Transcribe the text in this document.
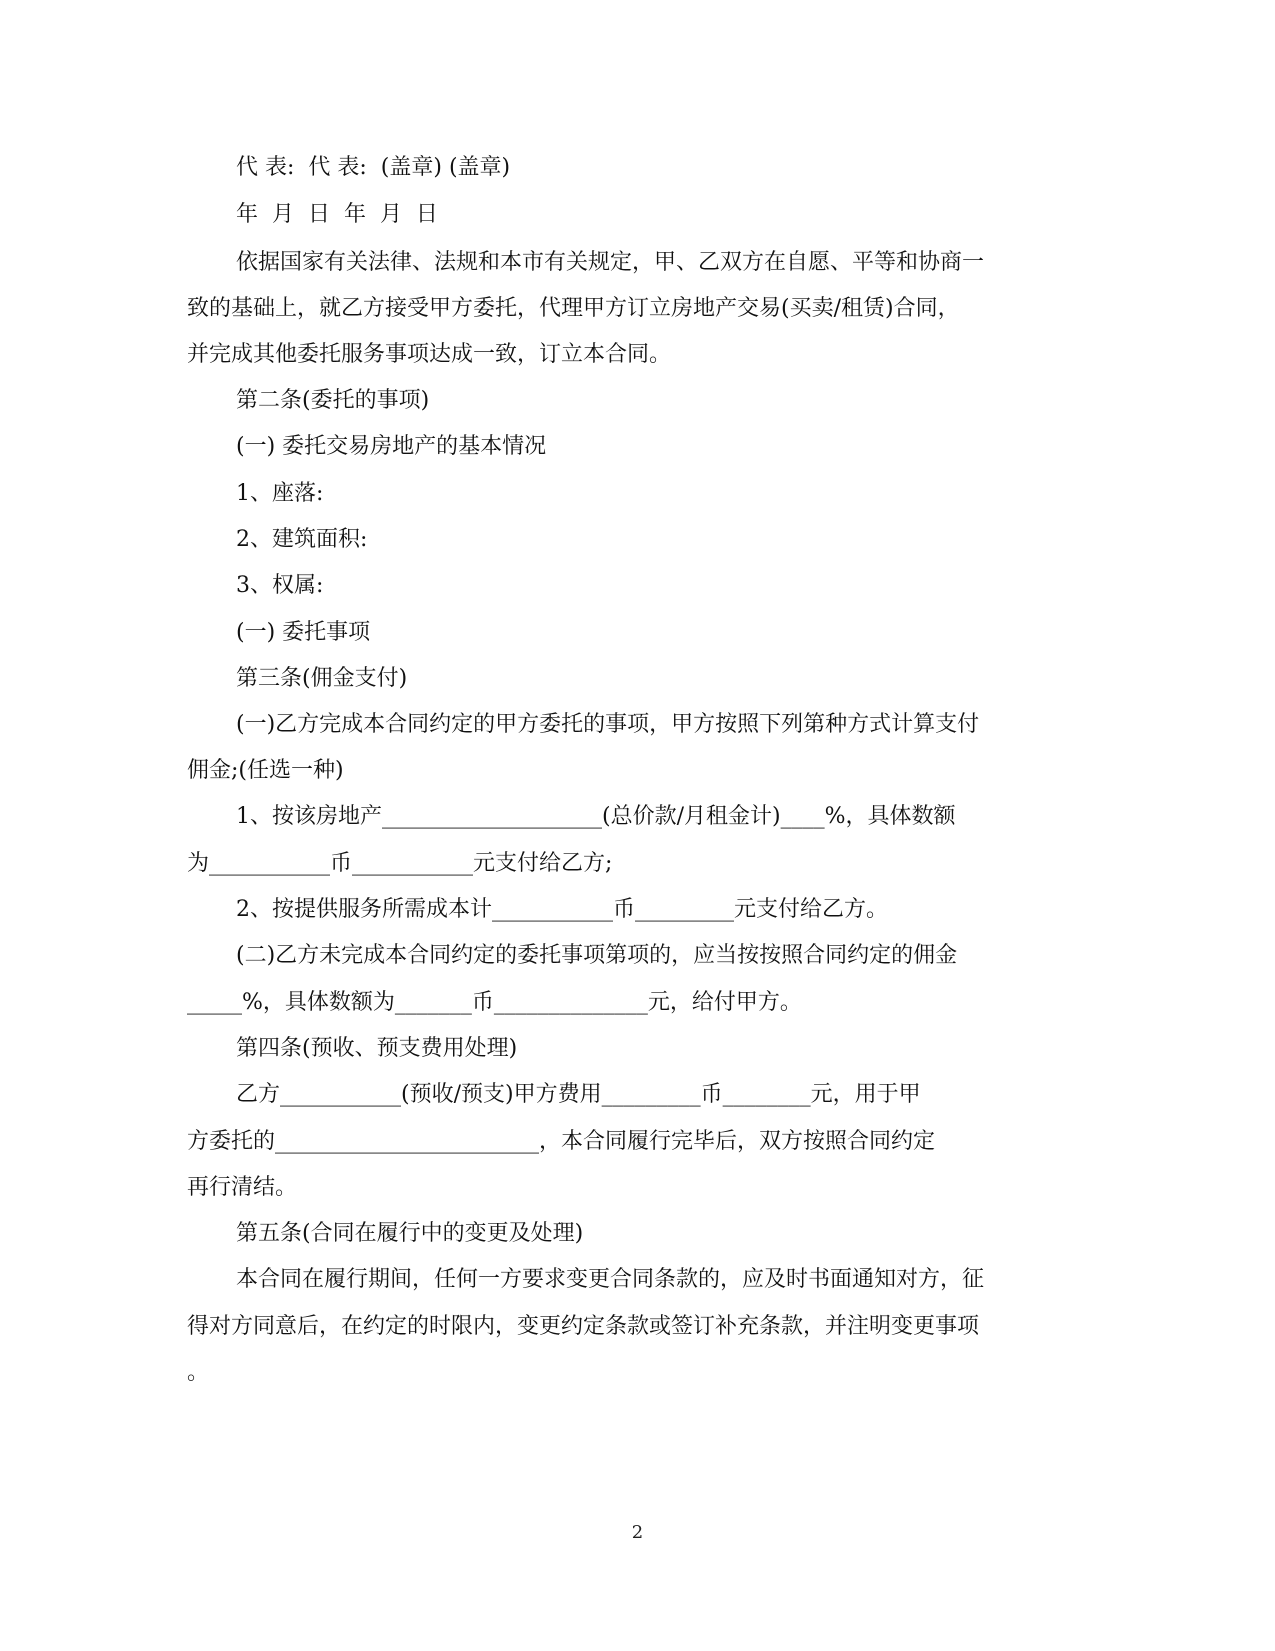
代 表:  代 表:  (盖章) (盖章)

年  月  日  年  月  日

依据国家有关法律、法规和本市有关规定，甲、乙双方在自愿、平等和协商一

致的基础上，就乙方接受甲方委托，代理甲方订立房地产交易(买卖/租赁)合同，

并完成其他委托服务事项达成一致，订立本合同。

第二条(委托的事项)

(一) 委托交易房地产的基本情况

1、座落:

2、建筑面积:

3、权属:

(一) 委托事项

第三条(佣金支付)

(一)乙方完成本合同约定的甲方委托的事项，甲方按照下列第种方式计算支付

佣金;(任选一种)

1、按该房地产____________________(总价款/月租金计)____%，具体数额

为___________币___________元支付给乙方;

2、按提供服务所需成本计___________币_________元支付给乙方。

(二)乙方未完成本合同约定的委托事项第项的，应当按按照合同约定的佣金

_____%，具体数额为_______币______________元，给付甲方。

第四条(预收、预支费用处理)

乙方___________(预收/预支)甲方费用_________币________元，用于甲

方委托的________________________，本合同履行完毕后，双方按照合同约定

再行清结。

第五条(合同在履行中的变更及处理)

本合同在履行期间，任何一方要求变更合同条款的，应及时书面通知对方，征

得对方同意后，在约定的时限内，变更约定条款或签订补充条款，并注明变更事项

。

2
